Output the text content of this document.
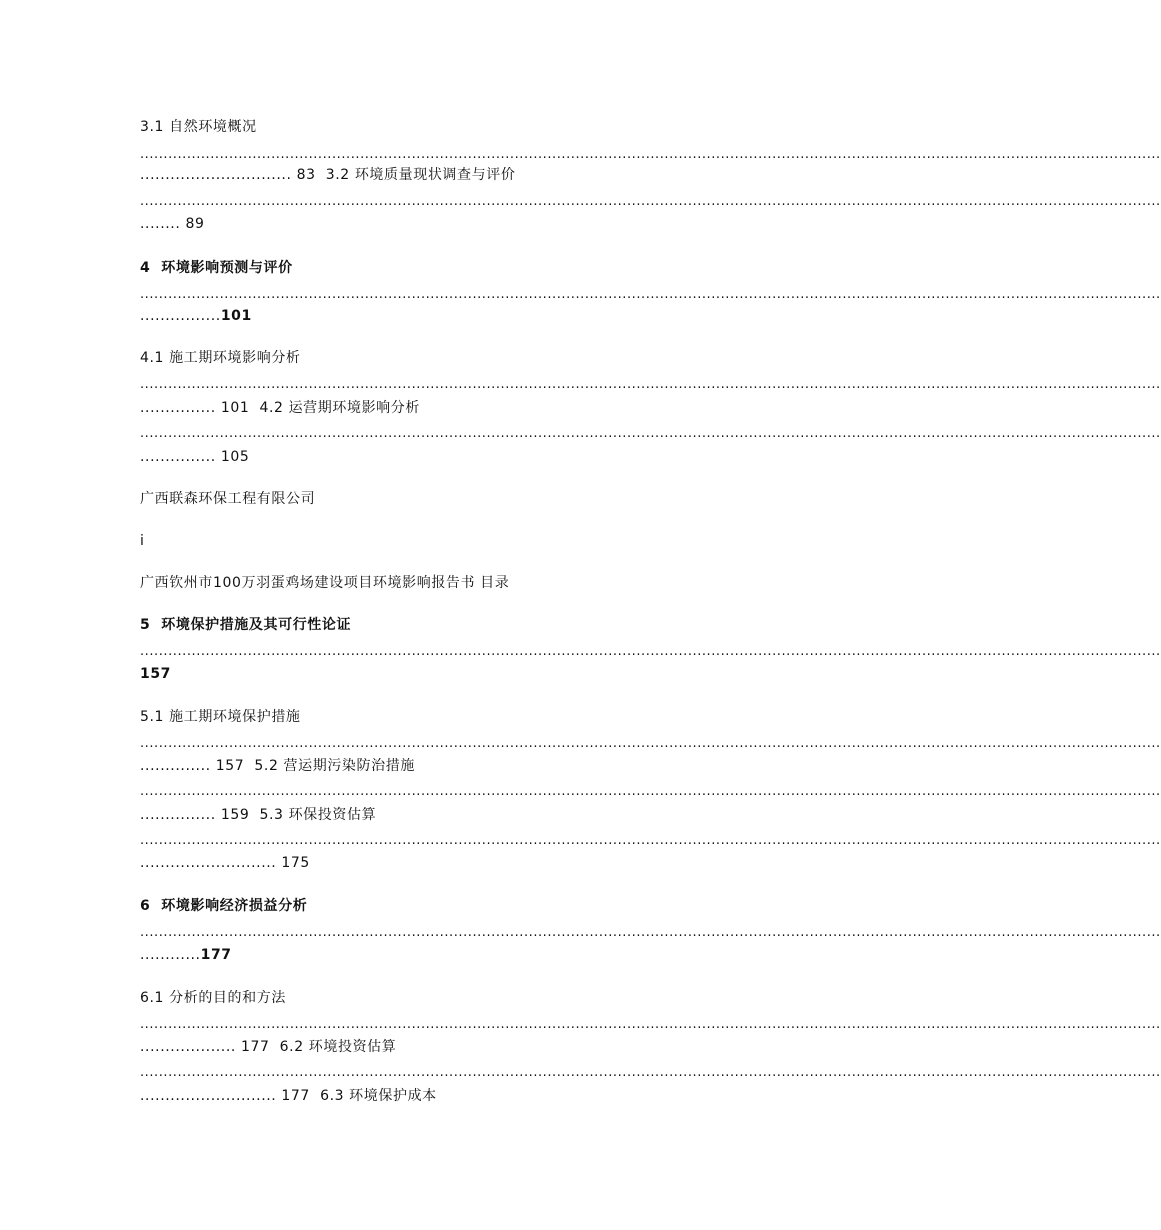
3.1 自然环境概况
..........................................................................................................................................................................................................................
.............................. 83 3.2 环境质量现状调查与评价
..........................................................................................................................................................................................................................
........ 89
4  环境影响预测与评价
..........................................................................................................................................................................................................................
................101
4.1 施工期环境影响分析
..........................................................................................................................................................................................................................
............... 101 4.2 运营期环境影响分析
..........................................................................................................................................................................................................................
............... 105
广西联森环保工程有限公司
i
广西钦州市100万羽蛋鸡场建设项目环境影响报告书 目录
5  环境保护措施及其可行性论证
..........................................................................................................................................................................................................................
157
5.1 施工期环境保护措施
..........................................................................................................................................................................................................................
.............. 157 5.2 营运期污染防治措施
..........................................................................................................................................................................................................................
............... 159 5.3 环保投资估算
..........................................................................................................................................................................................................................
........................... 175
6  环境影响经济损益分析
..........................................................................................................................................................................................................................
............177
6.1 分析的目的和方法
..........................................................................................................................................................................................................................
................... 177 6.2 环境投资估算
..........................................................................................................................................................................................................................
........................... 177 6.3 环境保护成本
